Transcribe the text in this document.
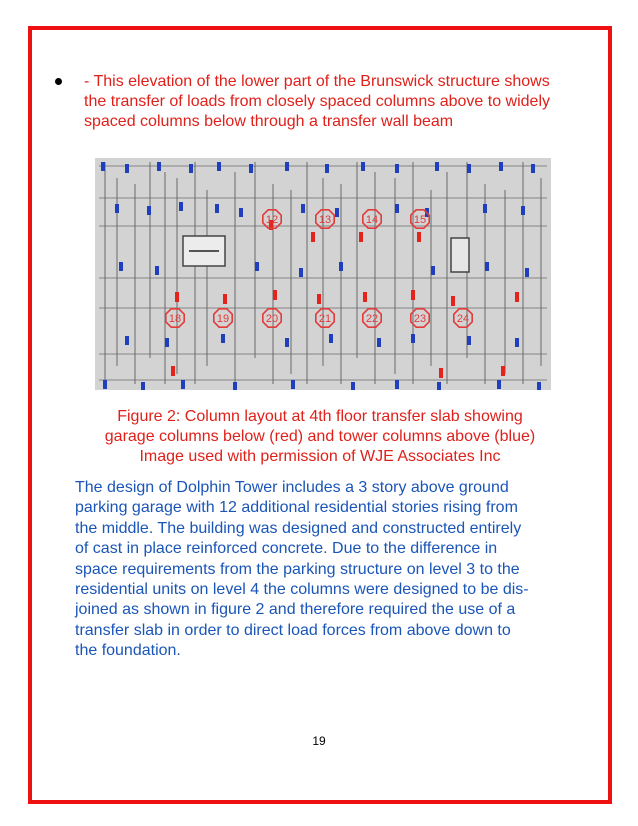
- This elevation of the lower part of the Brunswick structure shows the transfer of loads from closely spaced columns above to widely spaced columns below through a transfer wall beam
12	13	14	15
18	19	20	21	22	23	24
Figure 2: Column layout at 4th floor transfer slab showing
garage columns below (red) and tower columns above (blue)
Image used with permission of WJE Associates Inc
The design of Dolphin Tower includes a 3 story above ground
parking garage with 12 additional residential stories rising from
the middle. The building was designed and constructed entirely
of cast in place reinforced concrete. Due to the difference in
space requirements from the parking structure on level 3 to the
residential units on level 4 the columns were designed to be dis-
joined as shown in figure 2 and therefore required the use of a
transfer slab in order to direct load forces from above down to
the foundation.
19
